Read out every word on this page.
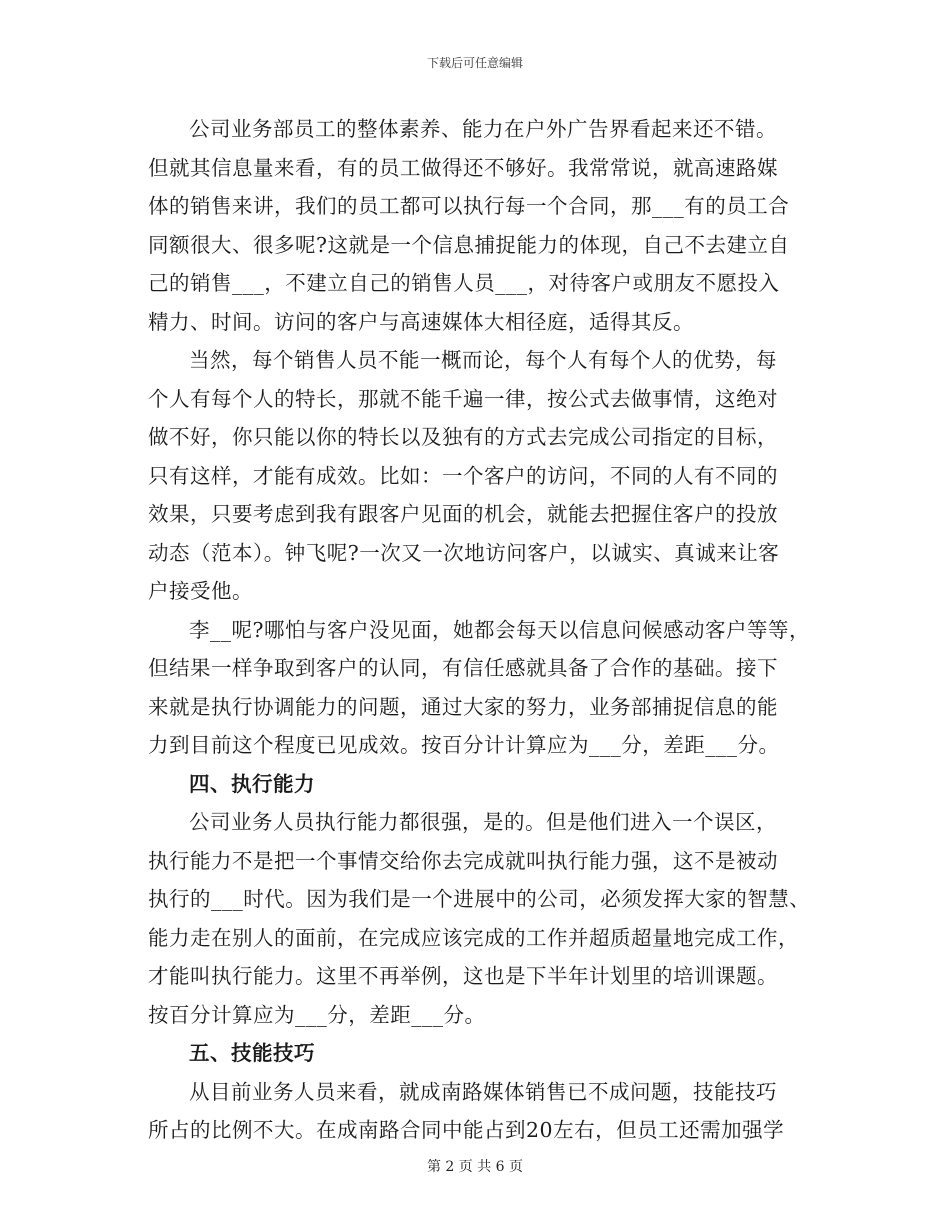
下载后可任意编辑
公司业务部员工的整体素养、能力在户外广告界看起来还不错。
但就其信息量来看，有的员工做得还不够好。我常常说，就高速路媒
体的销售来讲，我们的员工都可以执行每一个合同，那___有的员工合
同额很大、很多呢?这就是一个信息捕捉能力的体现，自己不去建立自
己的销售___，不建立自己的销售人员___，对待客户或朋友不愿投入
精力、时间。访问的客户与高速媒体大相径庭，适得其反。
当然，每个销售人员不能一概而论，每个人有每个人的优势，每
个人有每个人的特长，那就不能千遍一律，按公式去做事情，这绝对
做不好，你只能以你的特长以及独有的方式去完成公司指定的目标，
只有这样，才能有成效。比如：一个客户的访问，不同的人有不同的
效果，只要考虑到我有跟客户见面的机会，就能去把握住客户的投放
动态（范本）。钟飞呢?一次又一次地访问客户，以诚实、真诚来让客
户接受他。
李__呢?哪怕与客户没见面，她都会每天以信息问候感动客户等等，
但结果一样争取到客户的认同，有信任感就具备了合作的基础。接下
来就是执行协调能力的问题，通过大家的努力，业务部捕捉信息的能
力到目前这个程度已见成效。按百分计计算应为___分，差距___分。
四、执行能力
公司业务人员执行能力都很强，是的。但是他们进入一个误区，
执行能力不是把一个事情交给你去完成就叫执行能力强，这不是被动
执行的___时代。因为我们是一个进展中的公司，必须发挥大家的智慧、
能力走在别人的面前，在完成应该完成的工作并超质超量地完成工作，
才能叫执行能力。这里不再举例，这也是下半年计划里的培训课题。
按百分计算应为___分，差距___分。
五、技能技巧
从目前业务人员来看，就成南路媒体销售已不成问题，技能技巧
所占的比例不大。在成南路合同中能占到20左右，但员工还需加强学
第 2 页 共 6 页
